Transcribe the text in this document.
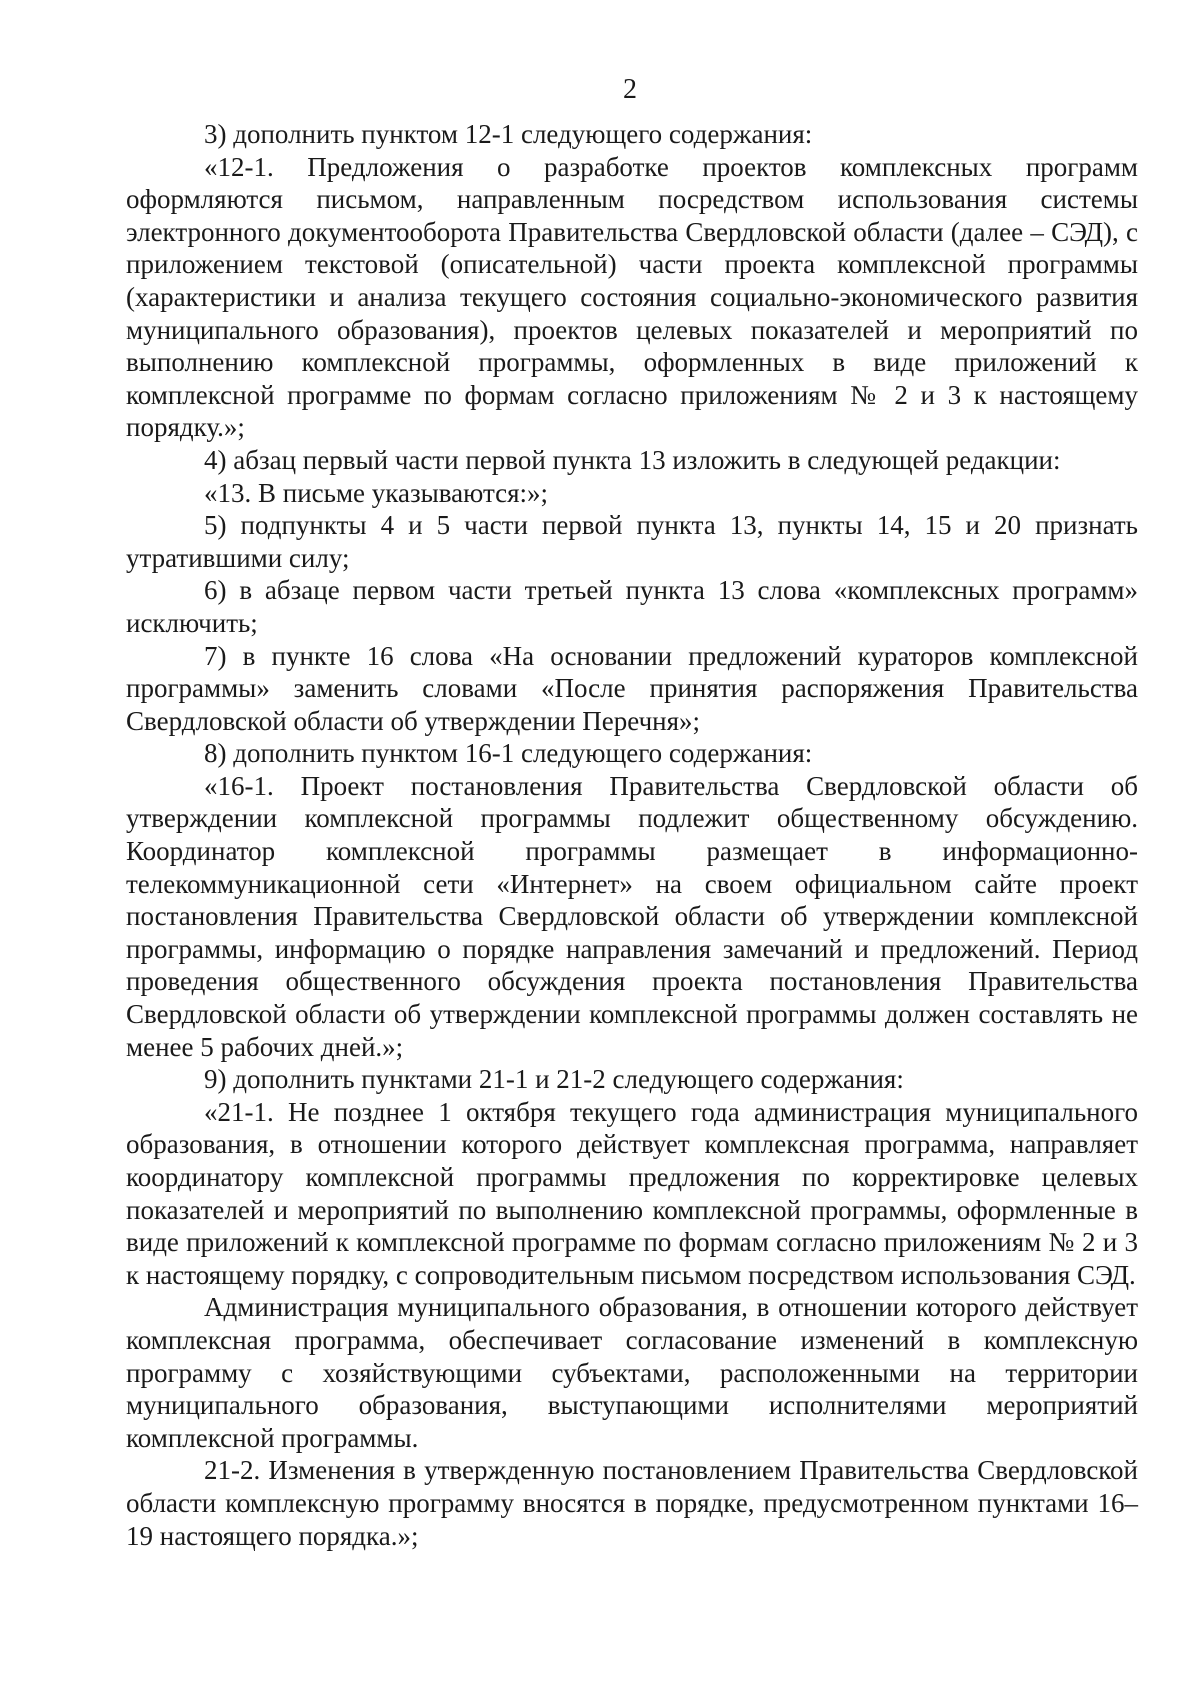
2

3) дополнить пунктом 12-1 следующего содержания:

«12-1. Предложения о разработке проектов комплексных программ оформляются письмом, направленным посредством использования системы электронного документооборота Правительства Свердловской области (далее – СЭД), с приложением текстовой (описательной) части проекта комплексной программы (характеристики и анализа текущего состояния социально-экономического развития муниципального образования), проектов целевых показателей и мероприятий по выполнению комплексной программы, оформленных в виде приложений к комплексной программе по формам согласно приложениям № 2 и 3 к настоящему порядку.»;

4) абзац первый части первой пункта 13 изложить в следующей редакции:

«13. В письме указываются:»;

5) подпункты 4 и 5 части первой пункта 13, пункты 14, 15 и 20 признать утратившими силу;

6) в абзаце первом части третьей пункта 13 слова «комплексных программ» исключить;

7) в пункте 16 слова «На основании предложений кураторов комплексной программы» заменить словами «После принятия распоряжения Правительства Свердловской области об утверждении Перечня»;

8) дополнить пунктом 16-1 следующего содержания:

«16-1. Проект постановления Правительства Свердловской области об утверждении комплексной программы подлежит общественному обсуждению. Координатор комплексной программы размещает в информационно-телекоммуникационной сети «Интернет» на своем официальном сайте проект постановления Правительства Свердловской области об утверждении комплексной программы, информацию о порядке направления замечаний и предложений. Период проведения общественного обсуждения проекта постановления Правительства Свердловской области об утверждении комплексной программы должен составлять не менее 5 рабочих дней.»;

9) дополнить пунктами 21-1 и 21-2 следующего содержания:

«21-1. Не позднее 1 октября текущего года администрация муниципального образования, в отношении которого действует комплексная программа, направляет координатору комплексной программы предложения по корректировке целевых показателей и мероприятий по выполнению комплексной программы, оформленные в виде приложений к комплексной программе по формам согласно приложениям № 2 и 3 к настоящему порядку, с сопроводительным письмом посредством использования СЭД.

Администрация муниципального образования, в отношении которого действует комплексная программа, обеспечивает согласование изменений в комплексную программу с хозяйствующими субъектами, расположенными на территории муниципального образования, выступающими исполнителями мероприятий комплексной программы.

21-2. Изменения в утвержденную постановлением Правительства Свердловской области комплексную программу вносятся в порядке, предусмотренном пунктами 16–19 настоящего порядка.»;
